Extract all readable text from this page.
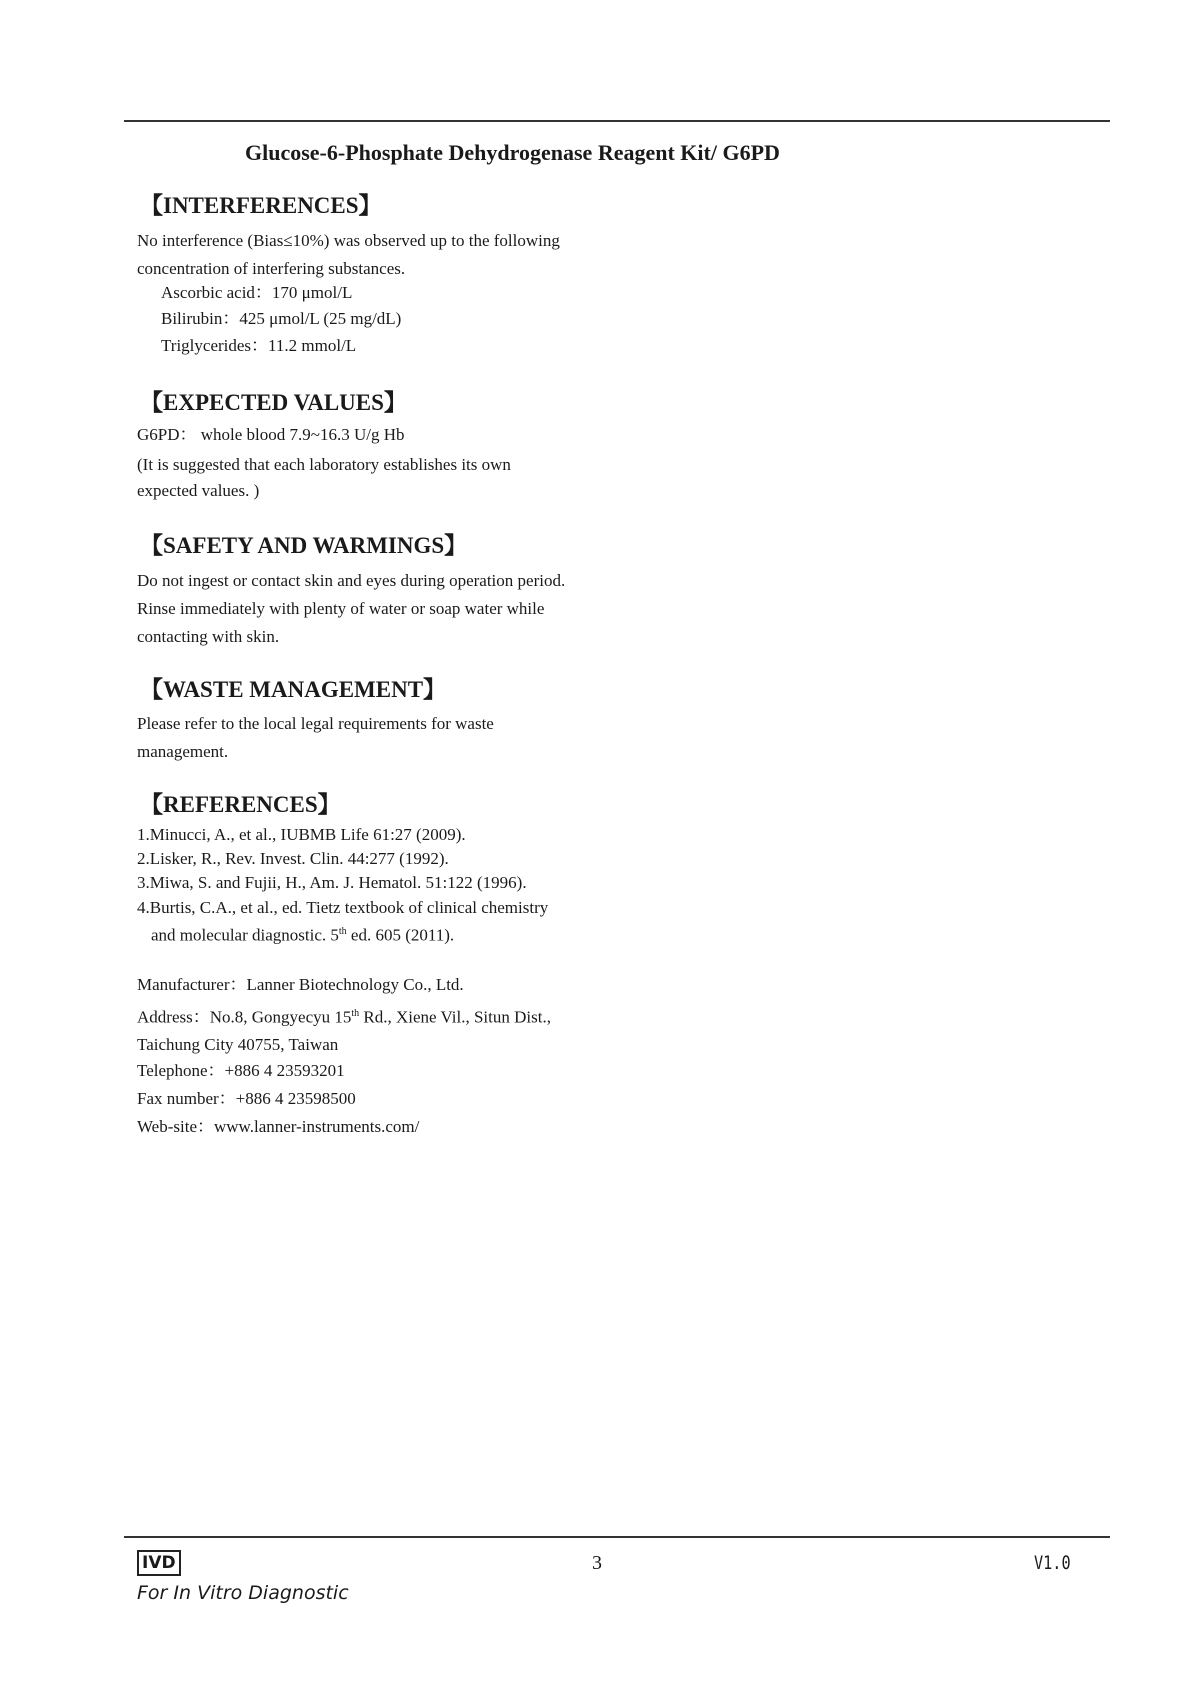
Glucose-6-Phosphate Dehydrogenase Reagent Kit/ G6PD
【INTERFERENCES】
No interference (Bias≤10%) was observed up to the following
concentration of interfering substances.
Ascorbic acid：170 μmol/L
Bilirubin：425 μmol/L (25 mg/dL)
Triglycerides：11.2 mmol/L
【EXPECTED VALUES】
G6PD： whole blood 7.9~16.3 U/g Hb
(It is suggested that each laboratory establishes its own
expected values. )
【SAFETY AND WARMINGS】
Do not ingest or contact skin and eyes during operation period.
Rinse immediately with plenty of water or soap water while
contacting with skin.
【WASTE MANAGEMENT】
Please refer to the local legal requirements for waste
management.
【REFERENCES】
1.Minucci, A., et al., IUBMB Life 61:27 (2009).
2.Lisker, R., Rev. Invest. Clin. 44:277 (1992).
3.Miwa, S. and Fujii, H., Am. J. Hematol. 51:122 (1996).
4.Burtis, C.A., et al., ed. Tietz textbook of clinical chemistry
and molecular diagnostic. 5th ed. 605 (2011).
Manufacturer：Lanner Biotechnology Co., Ltd.
Address：No.8, Gongyecyu 15th Rd., Xiene Vil., Situn Dist.,
Taichung City 40755, Taiwan
Telephone：+886 4 23593201
Fax number：+886 4 23598500
Web-site：www.lanner-instruments.com/
IVD
For In Vitro Diagnostic
3	V1.0
